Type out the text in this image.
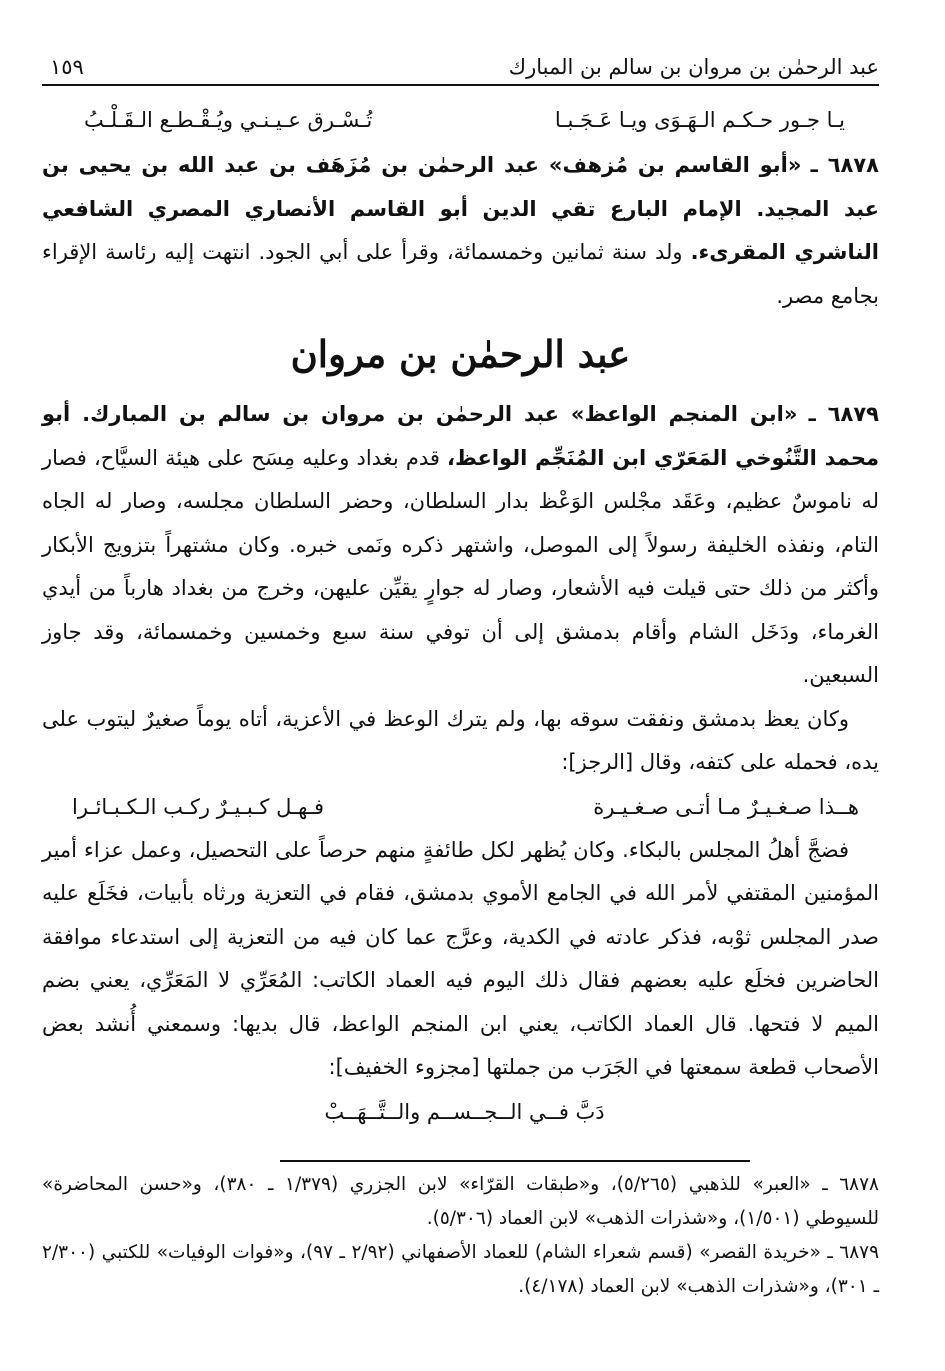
عبد الرحمٰن بن مروان بن سالم بن المبارك
١٥٩
يـا جـور حـكـم الـهَـوَى ويـا عَـجَـبـا
تُـسْـرق عـيـنـي ويُـقْـطـع الـقَـلْـبُ

٦٨٧٨ ـ «أبو القاسم بن مُزهف» عبد الرحمٰن بن مُزَهَف بن عبد الله بن يحيى بن عبد المجيد. الإمام البارع تقي الدين أبو القاسم الأنصاري المصري الشافعي الناشري المقرىء. ولد سنة ثمانين وخمسمائة، وقرأ على أبي الجود. انتهت إليه رئاسة الإقراء بجامع مصر.

عبد الرحمٰن بن مروان

٦٨٧٩ ـ «ابن المنجم الواعظ» عبد الرحمٰن بن مروان بن سالم بن المبارك. أبو محمد التَّنُوخي المَعَرّي ابن المُنَجِّم الواعظ، قدم بغداد وعليه مِسَح على هيئة السيَّاح، فصار له ناموسٌ عظيم، وعَقَد مجْلس الوَعْظ بدار السلطان، وحضر السلطان مجلسه، وصار له الجاه التام، ونفذه الخليفة رسولاً إلى الموصل، واشتهر ذكره ونَمى خبره. وكان مشتهراً بتزويج الأبكار وأكثر من ذلك حتى قيلت فيه الأشعار، وصار له جوارٍ يقيِّن عليهن، وخرج من بغداد هارباً من أيدي الغرماء، ودَخَل الشام وأقام بدمشق إلى أن توفي سنة سبع وخمسين وخمسمائة، وقد جاوز السبعين.

وكان يعظ بدمشق ونفقت سوقه بها، ولم يترك الوعظ في الأعزية، أتاه يوماً صغيرٌ ليتوب على يده، فحمله على كتفه، وقال [الرجز]:

هــذا صـغـيـرٌ مـا أتـى صـغـيـرة
فـهـل كـبـيـرٌ ركـب الـكـبـائـرا

فضجَّ أهلُ المجلس بالبكاء. وكان يُظهر لكل طائفةٍ منهم حرصاً على التحصيل، وعمل عزاء أمير المؤمنين المقتفي لأمر الله في الجامع الأموي بدمشق، فقام في التعزية ورثاه بأبيات، فخَلَع عليه صدر المجلس ثوْبه، فذكر عادته في الكدية، وعرَّج عما كان فيه من التعزية إلى استدعاء موافقة الحاضرين فخلَع عليه بعضهم فقال ذلك اليوم فيه العماد الكاتب: المُعَرِّي لا المَعَرِّي، يعني بضم الميم لا فتحها. قال العماد الكاتب، يعني ابن المنجم الواعظ، قال بديها: وسمعني أُنشد بعض الأصحاب قطعة سمعتها في الجَرَب من جملتها [مجزوء الخفيف]:

دَبَّ فــي الــجــســم والــتَّــهَــبْ

٦٨٧٨ ـ «العبر» للذهبي (٥/٢٦٥)، و«طبقات القرّاء» لابن الجزري (١/٣٧٩ ـ ٣٨٠)، و«حسن المحاضرة» للسيوطي (١/٥٠١)، و«شذرات الذهب» لابن العماد (٥/٣٠٦).

٦٨٧٩ ـ «خريدة القصر» (قسم شعراء الشام) للعماد الأصفهاني (٢/٩٢ ـ ٩٧)، و«فوات الوفيات» للكتبي (٢/٣٠٠ ـ ٣٠١)، و«شذرات الذهب» لابن العماد (٤/١٧٨).
